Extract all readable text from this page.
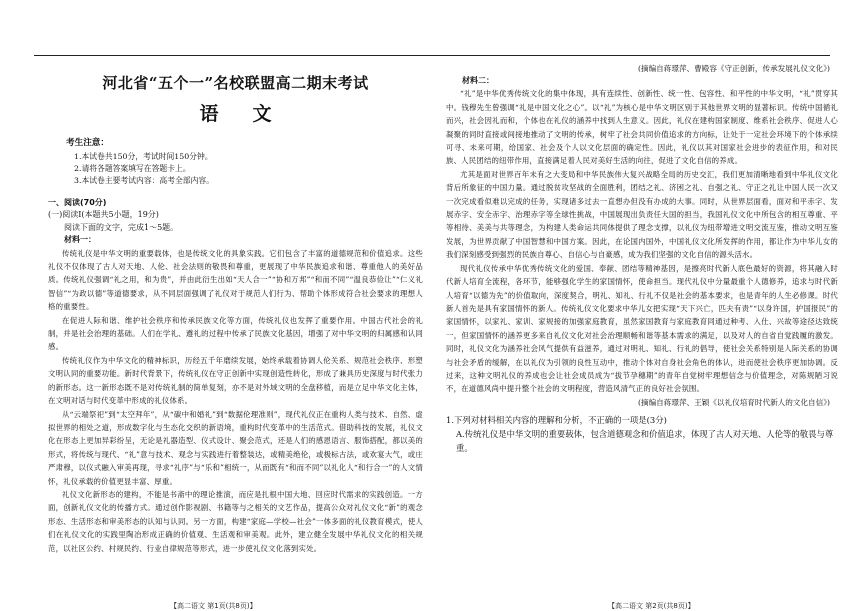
河北省“五个一”名校联盟高二期末考试
语文
考生注意：
1.本试卷共150分，考试时间150分钟。
2.请将各题答案填写在答题卡上。
3.本试卷主要考试内容：高考全部内容。
一、阅读(70分)
(一)阅读Ⅰ(本题共5小题，19分)
阅读下面的文字，完成1～5题。
材料一：

传统礼仪是中华文明的重要载体，也是传统文化的具象实践。它们包含了丰富的道德规范和价值追求。这些礼仪不仅体现了古人对天地、人伦、社会法则的敬畏和尊重，更展现了中华民族追求和谐、尊重他人的美好品质。传统礼仪强调“礼之用，和为贵”，并由此衍生出如“天人合一”“协和万邦”“和而不同”“温良恭俭让”“仁义礼智信”“为政以德”等道德要求，从不同层面强调了礼仪对于规范人们行为、帮助个体形成符合社会要求的理想人格的重要性。

在促进人际和谐、维护社会秩序和传承民族文化等方面，传统礼仪也发挥了重要作用。中国古代社会的礼制，并是社会治理的基础。人们在学礼、遵礼的过程中传承了民族文化基因，增强了对中华文明的归属感和认同感。

传统礼仪作为中华文化的精神标识，历经五千年磨续发展，始终承载着协调人伦关系、规范社会秩序、形塑文明认同的重要功能。新时代背景下，传统礼仪在守正创新中实现创造性转化，形成了兼具历史深度与时代张力的新形态。这一新形态既不是对传统礼制的简单复刻，亦不是对外域文明的全盘移植，而是立足中华文化主体，在文明对话与时代变革中形成的礼仪体系。

从“云端祭祀”到“太空拜年”，从“碳中和婚礼”到“数据伦理准则”，现代礼仪正在重构人类与技术、自然、虚拟世界的相处之道，形成数字化与生态化交织的新语境，重构时代变革中的生活范式。借助科技的发展，礼仪文化在形态上更加异彩纷呈，无论是礼器造型、仪式设计、聚会范式，还是人们的感恩语言、服饰搭配，都以美的形式，将传统与现代、“礼”意与技术、观念与实践进行着整装达，或精美绝伦，或极标古法，或欢宴大气，或庄严肃穆，以仪式融入审美再现，寻求“礼序”与“乐和”相统一，从而既有“和而不同”以礼化人“和行合一”的人文情怀，礼仪承载的价值更显丰富、厚重。

礼仪文化新形态的建构，不能是书斋中的理论推演，而应是扎根中国大地、回应时代需求的实践创造。一方面，创新礼仪文化的传播方式。通过创作影视剧、书籍等与之相关的文艺作品，提高公众对礼仪文化“新”的观念形态、生活形态和审美形态的认知与认同。另一方面，构建“家庭—学校—社会”一体多面的礼仪教育模式，使人们在礼仪文化的实践里陶冶形成正确的价值观、生活观和审美观。此外，建立健全发展中华礼仪文化的相关规范，以社区公约、村规民约、行业自律规范等形式，进一步使礼仪文化落到实处。

(摘编自蒋璟萍、曹殿容《守正创新，传承发展礼仪文化》)
材料二：

“礼”是中华优秀传统文化的集中体现，具有连续性、创新性、统一性、包容性、和平性的中华文明，“礼”贯穿其中。钱穆先生曾强调“礼是中国文化之心”。以“礼”为核心是中华文明区别于其他世界文明的显著标识。传统中国循礼而兴，社会因礼而和，个体也在礼仪的涵养中找到人生意义。因此，礼仪在建构国家制度、维系社会秩序、促进人心凝聚的同时直接或间接地推动了文明的传承，树牢了社会共同价值追求的方向标，让处于一定社会环境下的个体承续可寻、未来可期，给国家、社会及个人以文化层面的确定性。因此，礼仪以其对国家社会进步的表征作用，和对民族、人民团结的纽带作用，直接满足着人民对美好生活的向往，促进了文化自信的养成。

尤其是面对世界百年未有之大变局和中华民族伟大复兴战略全局的历史交汇，我们更加清晰地看到中华礼仪文化背后所象征的中国力量。通过脱贫攻坚战的全面胜利，团结之礼、济困之礼、自强之礼、守正之礼让中国人民一次又一次完成看似难以完成的任务，实现诸多过去一直想办但没有办成的大事。同时，从世界层面看，面对和平赤字、发展赤字、安全赤字、治理赤字等全球性挑战，中国展现出负责任大国的担当，我国礼仪文化中所包含的相互尊重、平等相待、美美与共等理念，为构建人类命运共同体提供了理念支撑，以礼仪为纽带增进文明交流互鉴，推动文明互鉴发展，为世界贡献了中国智慧和中国方案。因此，在论国内国外，中国礼仪文化所发挥的作用，都让作为中华儿女的我们深刻感受到强烈的民族自尊心、自信心与自豪感，成为我们坚强的文化自信的源头活水。

现代礼仪传承中华优秀传统文化的爱国、奉献、团结等精神基因，是擦亮时代新人底色最好的资源，将其融入时代新人培育全流程，各环节，能够强化学生的家国情怀，使命担当。现代礼仪中分量最重个人德修养，追求与时代新人培育“以德为先”的价值取向，深度契合，明礼、知礼、行礼不仅是社会的基本要求，也是青年的人生必修课。时代新人首先是具有家国情怀的新人。传统礼仪文化要求中华儿女把实现“天下兴亡，匹夫有责”“以身许国，护国报民”的家国情怀，以家礼、家训、家规接的加强家庭教育，虽然家国教育与家庭教育同通过种考、入仕、兴故等途径达致统一，但家国情怀的涵养更多来自礼仪文化对社会治理顺畅和谐等基本需求的满足，以及对人的自省自觉践履的激发。同时，礼仪文化为涵养社会风气提供有益滋养，通过对明礼、知礼、行礼的倡导，使社会关系特别是人际关系的协调与社会矛盾的缓解，在以礼仪为引领的良性互动中，推动个体对自身社会角色的体认，进而使社会秩序更加协调。反过来，这种文明礼仪的养成也会让社会成员成为“拔节孕穗期”的青年自觉树牢理想信念与价值理念，对陈规陋习说不，在道德风尚中提升整个社会的文明程度，营造风清气正的良好社会氛围。

(摘编自蒋璟萍、王颖《以礼仪培育时代新人的文化自信》)
1.下列对材料相关内容的理解和分析，不正确的一项是(3分)
A.传统礼仪是中华文明的重要载体，包含道德观念和价值追求，体现了古人对天地、人伦等的敬畏与尊重。
【高二语文 第1页(共8页)】	【高二语文 第2页(共8页)】
